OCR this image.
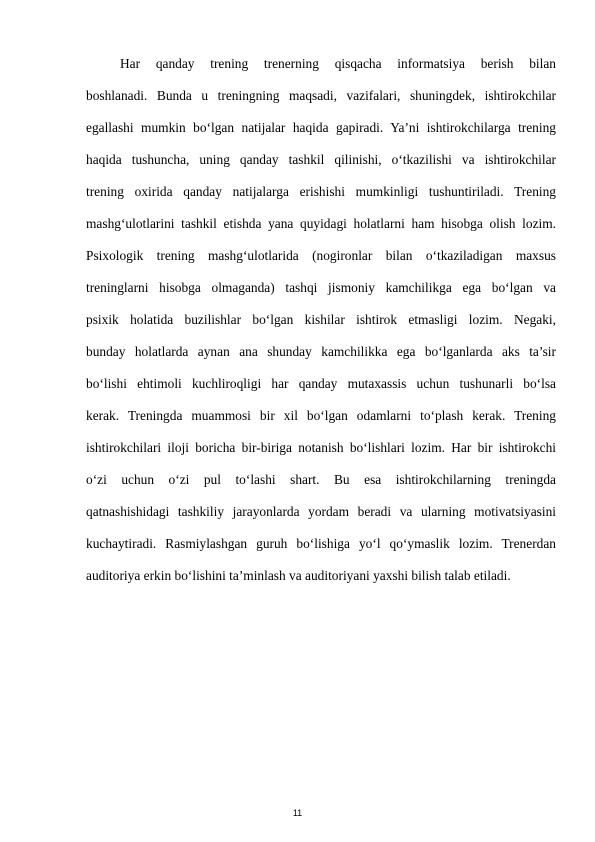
Har qanday trening trenerning qisqacha informatsiya berish bilan
boshlanadi. Bunda u treningning maqsadi, vazifalari, shuningdek, ishtirokchilar
egallashi mumkin bo‘lgan natijalar haqida gapiradi. Ya’ni ishtirokchilarga trening
haqida tushuncha, uning qanday tashkil qilinishi, o‘tkazilishi va ishtirokchilar
trening oxirida qanday natijalarga erishishi mumkinligi tushuntiriladi. Trening
mashg‘ulotlarini tashkil etishda yana quyidagi holatlarni ham hisobga olish lozim.
Psixologik trening mashg‘ulotlarida (nogironlar bilan o‘tkaziladigan maxsus
treninglarni hisobga olmaganda) tashqi jismoniy kamchilikga ega bo‘lgan va
psixik holatida buzilishlar bo‘lgan kishilar ishtirok etmasligi lozim. Negaki,
bunday holatlarda aynan ana shunday kamchilikka ega bo‘lganlarda aks ta’sir
bo‘lishi ehtimoli kuchliroqligi har qanday mutaxassis uchun tushunarli bo‘lsa
kerak. Treningda muammosi bir xil bo‘lgan odamlarni to‘plash kerak. Trening
ishtirokchilari iloji boricha bir-biriga notanish bo‘lishlari lozim. Har bir ishtirokchi
o‘zi uchun o‘zi pul to‘lashi shart. Bu esa ishtirokchilarning treningda
qatnashishidagi tashkiliy jarayonlarda yordam beradi va ularning motivatsiyasini
kuchaytiradi. Rasmiylashgan guruh bo‘lishiga yo‘l qo‘ymaslik lozim. Trenerdan
auditoriya erkin bo‘lishini ta’minlash va auditoriyani yaxshi bilish talab etiladi.
11
